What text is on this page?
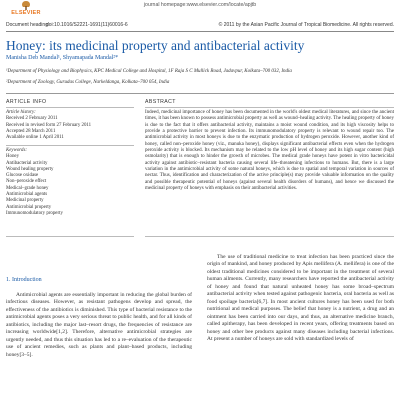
ELSEVIER
journal homepage:www.elsevier.com/locate/apjtb
Document heading
doi:10.1016/S2221-1691(11)60016-6	© 2011 by the Asian Pacific Journal of Tropical Biomedicine. All rights reserved.
Honey: its medicinal property and antibacterial activity
Manisha Deb Mandal¹, Shyamapada Mandal²*
¹Department of Physiology and Biophysics, KPC Medical College and Hospital, 1F Raja S C Mullick Road, Jadavpur, Kolkata–700 032, India
²Department of Zoology, Gurudas College, Narkeldanga, Kolkata–700 054, India
ARTICLE INFO	ABSTRACT
Article history:
Received 2 February 2011
Received in revised form 27 February 2011
Accepted 28 March 2011
Available online 1 April 2011
Keywords:
Honey
Antibacterial activity
Wound healing property
Glucose oxidase
Non–peroxide effect
Medical–grade honey
Antimicrobial agents
Medicinal property
Antimicrobial property
Immunomodulatory property
Indeed, medicinal importance of honey has been documented in the world's oldest medical literatures, and since the ancient times, it has been known to possess antimicrobial property as well as wound–healing activity. The healing property of honey is due to the fact that it offers antibacterial activity, maintains a moist wound condition, and its high viscosity helps to provide a protective barrier to prevent infection. Its immunomodulatory property is relevant to wound repair too. The antimicrobial activity in most honeys is due to the enzymatic production of hydrogen peroxide. However, another kind of honey, called non–peroxide honey (viz., manuka honey), displays significant antibacterial effects even when the hydrogen peroxide activity is blocked. Its mechanism may be related to the low pH level of honey and its high sugar content (high osmolarity) that is enough to hinder the growth of microbes. The medical grade honeys have potent in vitro bactericidal activity against antibiotic–resistant bacteria causing several life–threatening infections to humans. But, there is a large variation in the antimicrobial activity of some natural honeys, which is due to spatial and temporal variation in sources of nectar. Thus, identification and characterization of the active principle(s) may provide valuable information on the quality and possible therapeutic potential of honeys (against several health disorders of humans), and hence we discussed the medicinal property of honeys with emphasis on their antibacterial activities.
1. Introduction
Antimicrobial agents are essentially important in reducing the global burden of infectious diseases. However, as resistant pathogens develop and spread, the effectiveness of the antibiotics is diminished. This type of bacterial resistance to the antimicrobial agents poses a very serious threat to public health, and for all kinds of antibiotics, including the major last–resort drugs, the frequencies of resistance are increasing worldwide[1,2]. Therefore, alternative antimicrobial strategies are urgently needed, and thus this situation has led to a re–evaluation of the therapeutic use of ancient remedies, such as plants and plant–based products, including honey[3–5].
The use of traditional medicine to treat infection has been practiced since the origin of mankind, and honey produced by Apis mellifera (A. mellifera) is one of the oldest traditional medicines considered to be important in the treatment of several human ailments. Currently, many researchers have reported the antibacterial activity of honey and found that natural unheated honey has some broad–spectrum antibacterial activity when tested against pathogenic bacteria, oral bacteria as well as food spoilage bacteria[6,7]. In most ancient cultures honey has been used for both nutritional and medical purposes. The belief that honey is a nutrient, a drug and an ointment has been carried into our days, and thus, an alternative medicine branch, called apitherapy, has been developed in recent years, offering treatments based on honey and other bee products against many diseases including bacterial infections. At present a number of honeys are sold with standardized levels of
